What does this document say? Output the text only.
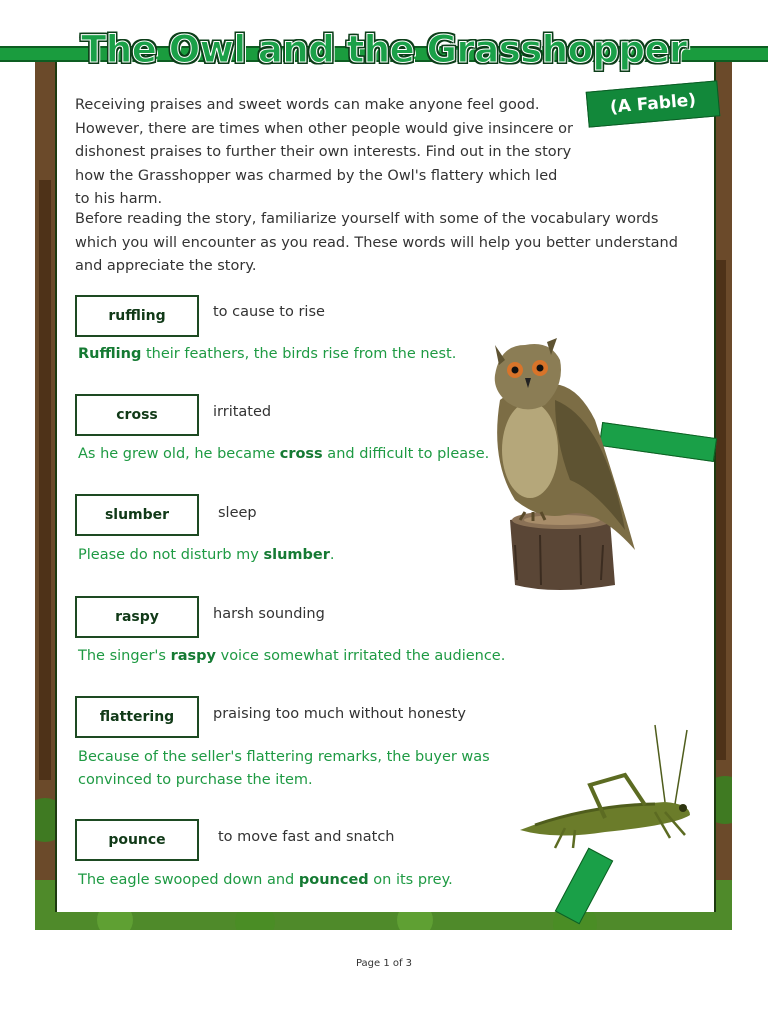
The Owl and the Grasshopper
(A Fable)
Receiving praises and sweet words can make anyone feel good. However, there are times when other people would give insincere or dishonest praises to further their own interests. Find out in the story how the Grasshopper was charmed by the Owl's flattery which led to his harm.
Before reading the story, familiarize yourself with some of the vocabulary words which you will encounter as you read. These words will help you better understand and appreciate the story.
ruffling	to cause to rise
Ruffling their feathers, the birds rise from the nest.
cross	irritated
As he grew old, he became cross and difficult to please.
slumber	sleep
Please do not disturb my slumber.
raspy	harsh sounding
The singer's raspy voice somewhat irritated the audience.
flattering	praising too much without honesty
Because of the seller's flattering remarks, the buyer was convinced to purchase the item.
pounce	to move fast and snatch
The eagle swooped down and pounced on its prey.
Page 1 of 3
